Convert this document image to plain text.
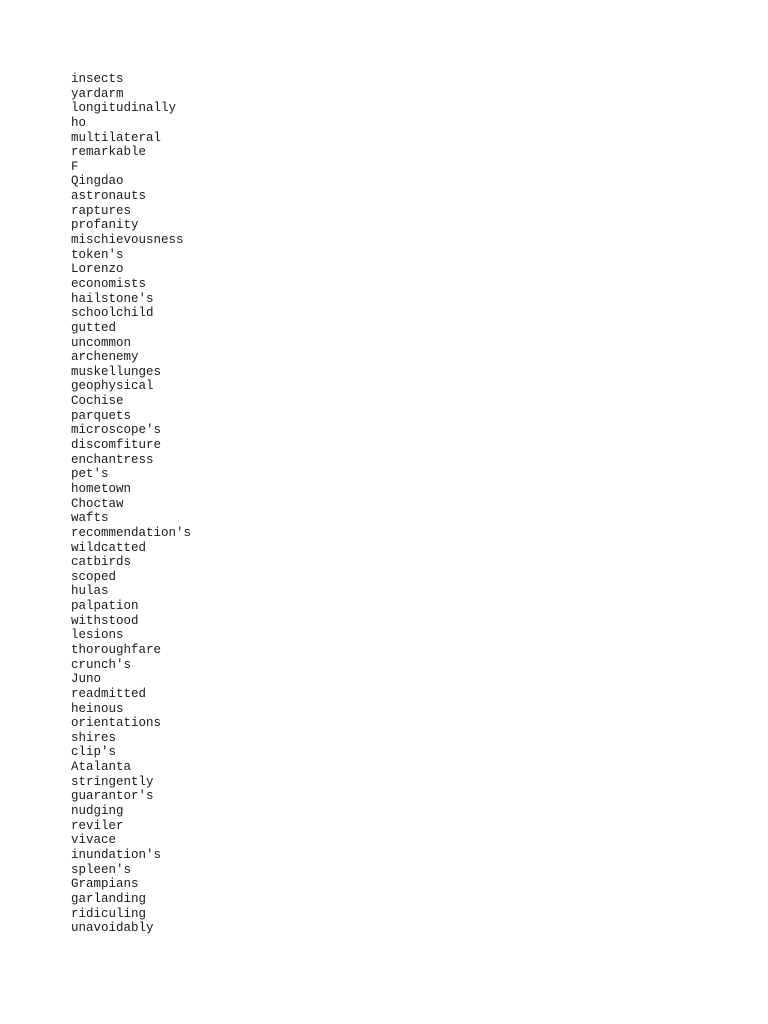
insects
yardarm
longitudinally
ho
multilateral
remarkable
F
Qingdao
astronauts
raptures
profanity
mischievousness
token's
Lorenzo
economists
hailstone's
schoolchild
gutted
uncommon
archenemy
muskellunges
geophysical
Cochise
parquets
microscope's
discomfiture
enchantress
pet's
hometown
Choctaw
wafts
recommendation's
wildcatted
catbirds
scoped
hulas
palpation
withstood
lesions
thoroughfare
crunch's
Juno
readmitted
heinous
orientations
shires
clip's
Atalanta
stringently
guarantor's
nudging
reviler
vivace
inundation's
spleen's
Grampians
garlanding
ridiculing
unavoidably
